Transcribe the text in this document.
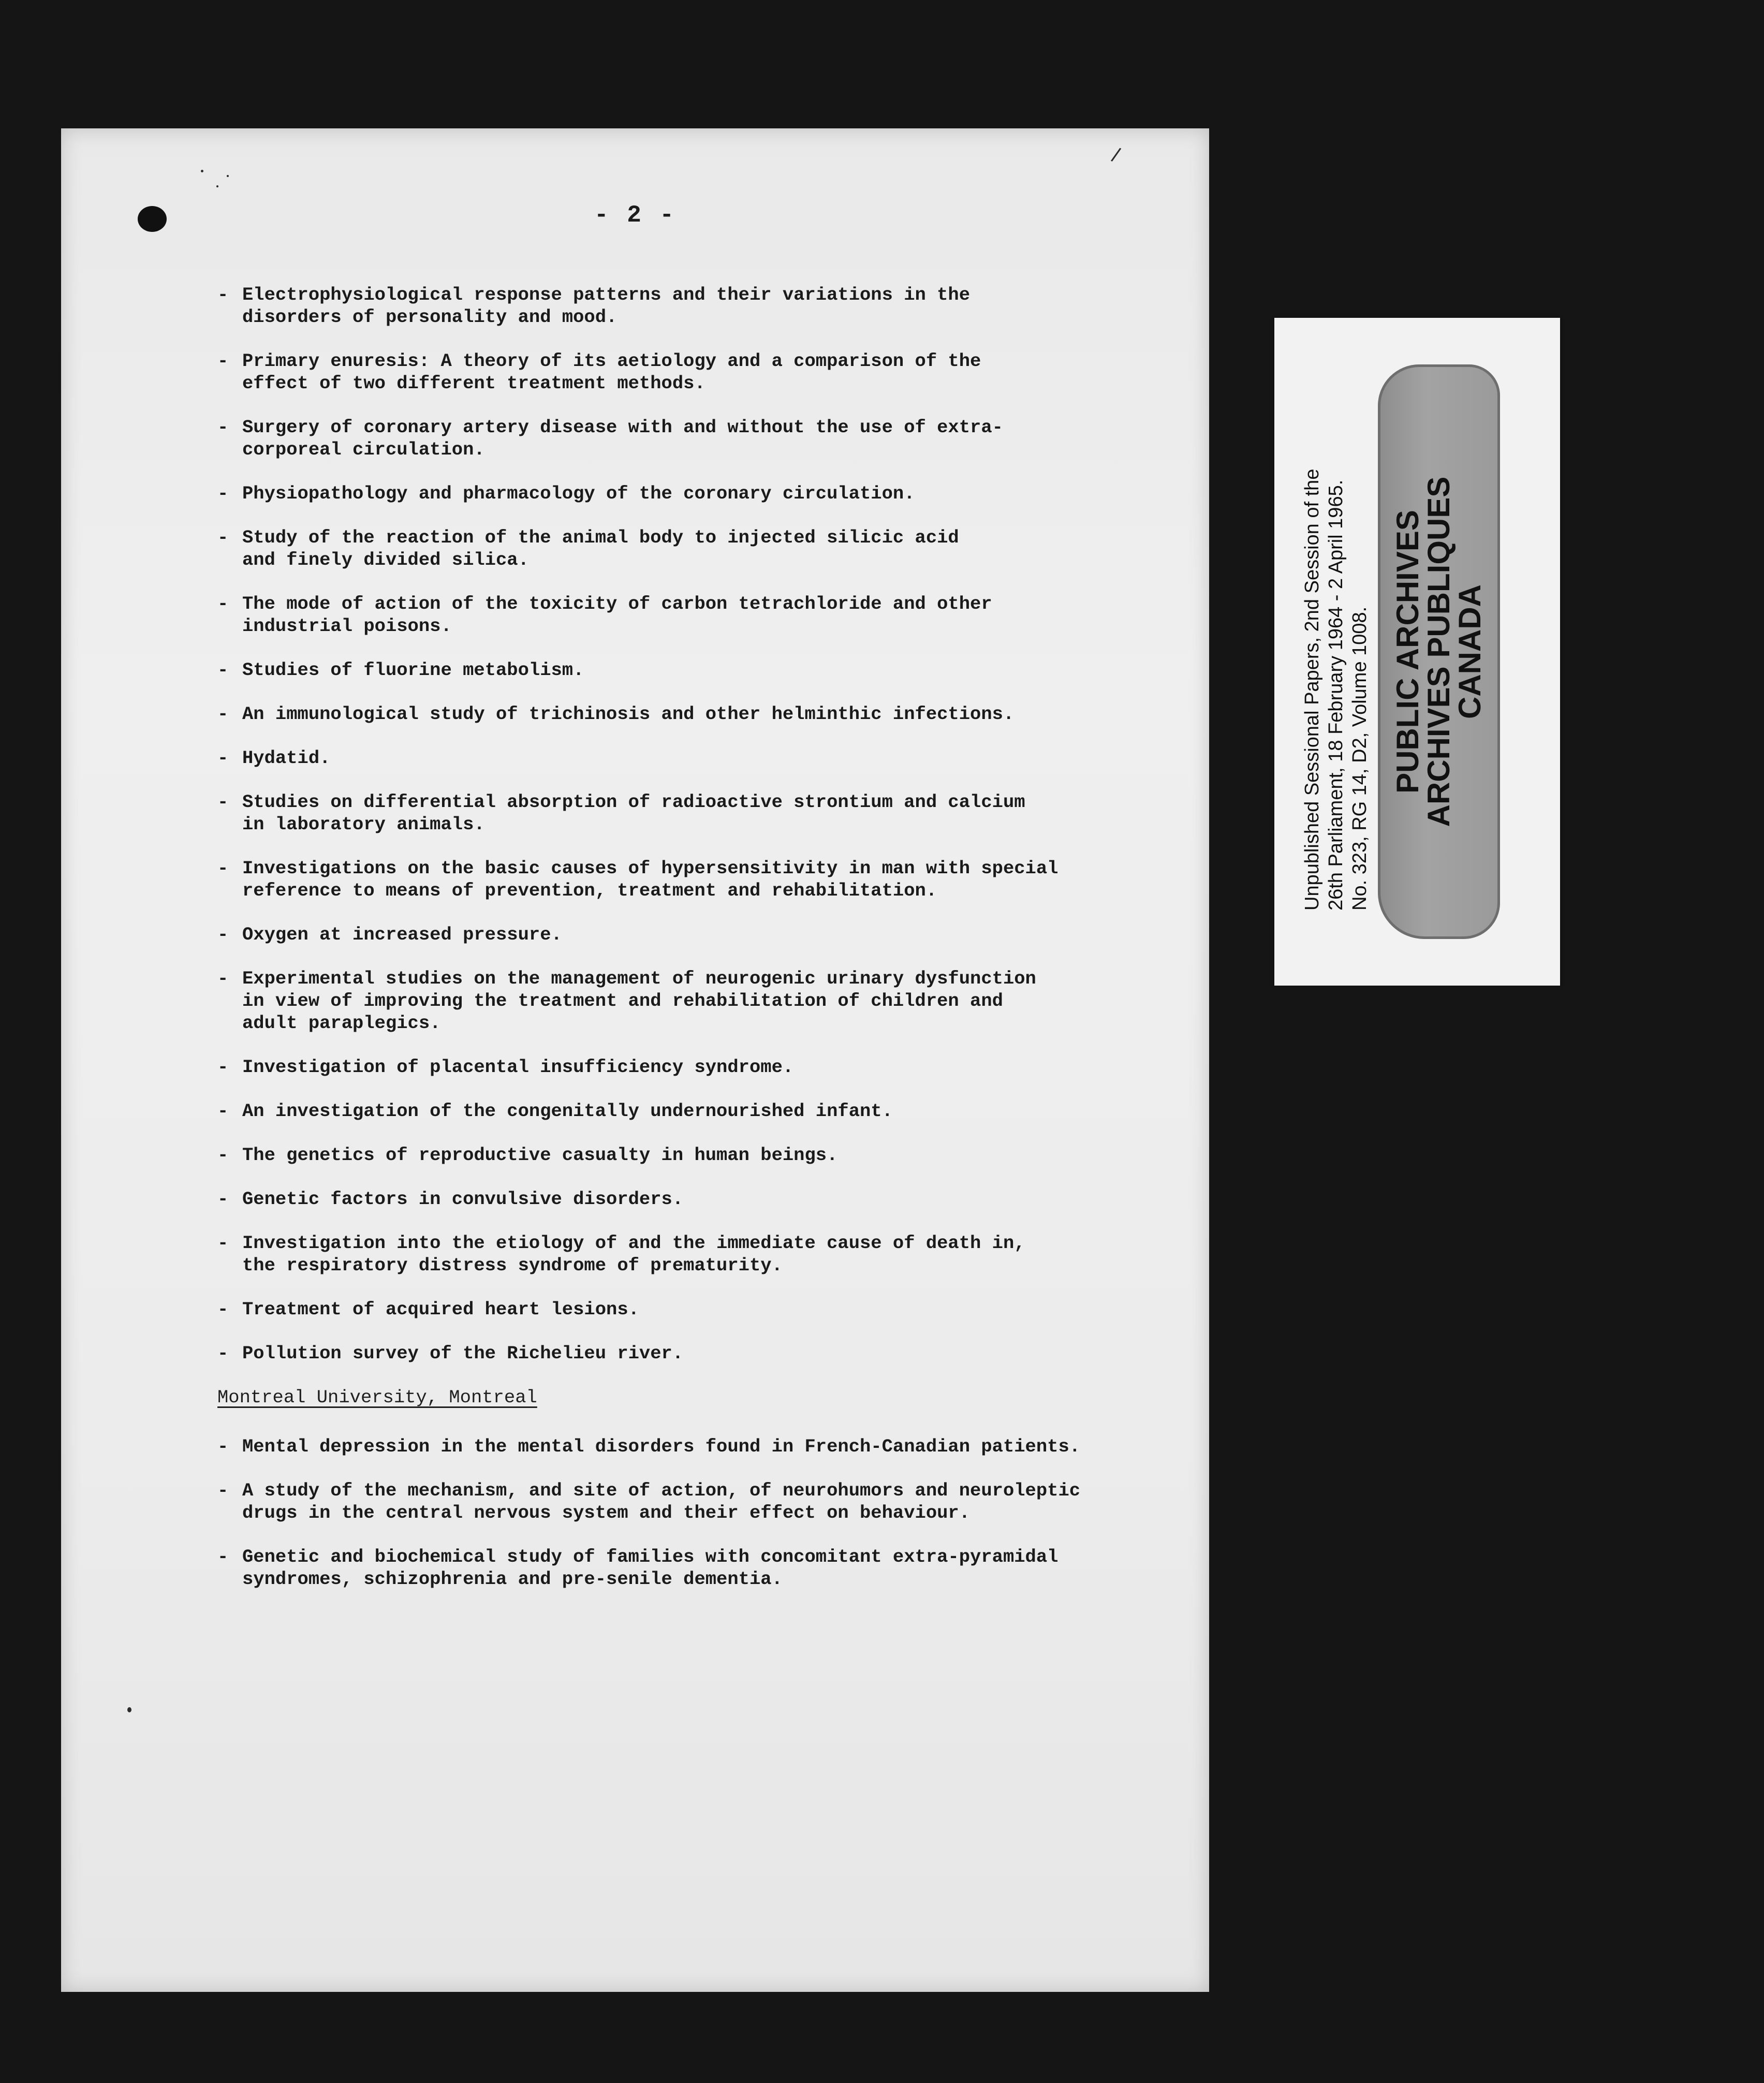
/
- 2 -
- Electrophysiological response patterns and their variations in the
disorders of personality and mood.
- Primary enuresis: A theory of its aetiology and a comparison of the
effect of two different treatment methods.
- Surgery of coronary artery disease with and without the use of extra-
corporeal circulation.
- Physiopathology and pharmacology of the coronary circulation.
- Study of the reaction of the animal body to injected silicic acid
and finely divided silica.
- The mode of action of the toxicity of carbon tetrachloride and other
industrial poisons.
- Studies of fluorine metabolism.
- An immunological study of trichinosis and other helminthic infections.
- Hydatid.
- Studies on differential absorption of radioactive strontium and calcium
in laboratory animals.
- Investigations on the basic causes of hypersensitivity in man with special
reference to means of prevention, treatment and rehabilitation.
- Oxygen at increased pressure.
- Experimental studies on the management of neurogenic urinary dysfunction
in view of improving the treatment and rehabilitation of children and
adult paraplegics.
- Investigation of placental insufficiency syndrome.
- An investigation of the congenitally undernourished infant.
- The genetics of reproductive casualty in human beings.
- Genetic factors in convulsive disorders.
- Investigation into the etiology of and the immediate cause of death in,
the respiratory distress syndrome of prematurity.
- Treatment of acquired heart lesions.
- Pollution survey of the Richelieu river.
Montreal University, Montreal
- Mental depression in the mental disorders found in French-Canadian patients.
- A study of the mechanism, and site of action, of neurohumors and neuroleptic
drugs in the central nervous system and their effect on behaviour.
- Genetic and biochemical study of families with concomitant extra-pyramidal
syndromes, schizophrenia and pre-senile dementia.
Unpublished Sessional Papers, 2nd Session of the 26th Parliament, 18 February 1964 - 2 April 1965. No. 323, RG 14, D2, Volume 1008. PUBLIC ARCHIVES
ARCHIVES PUBLIQUES
CANADA
